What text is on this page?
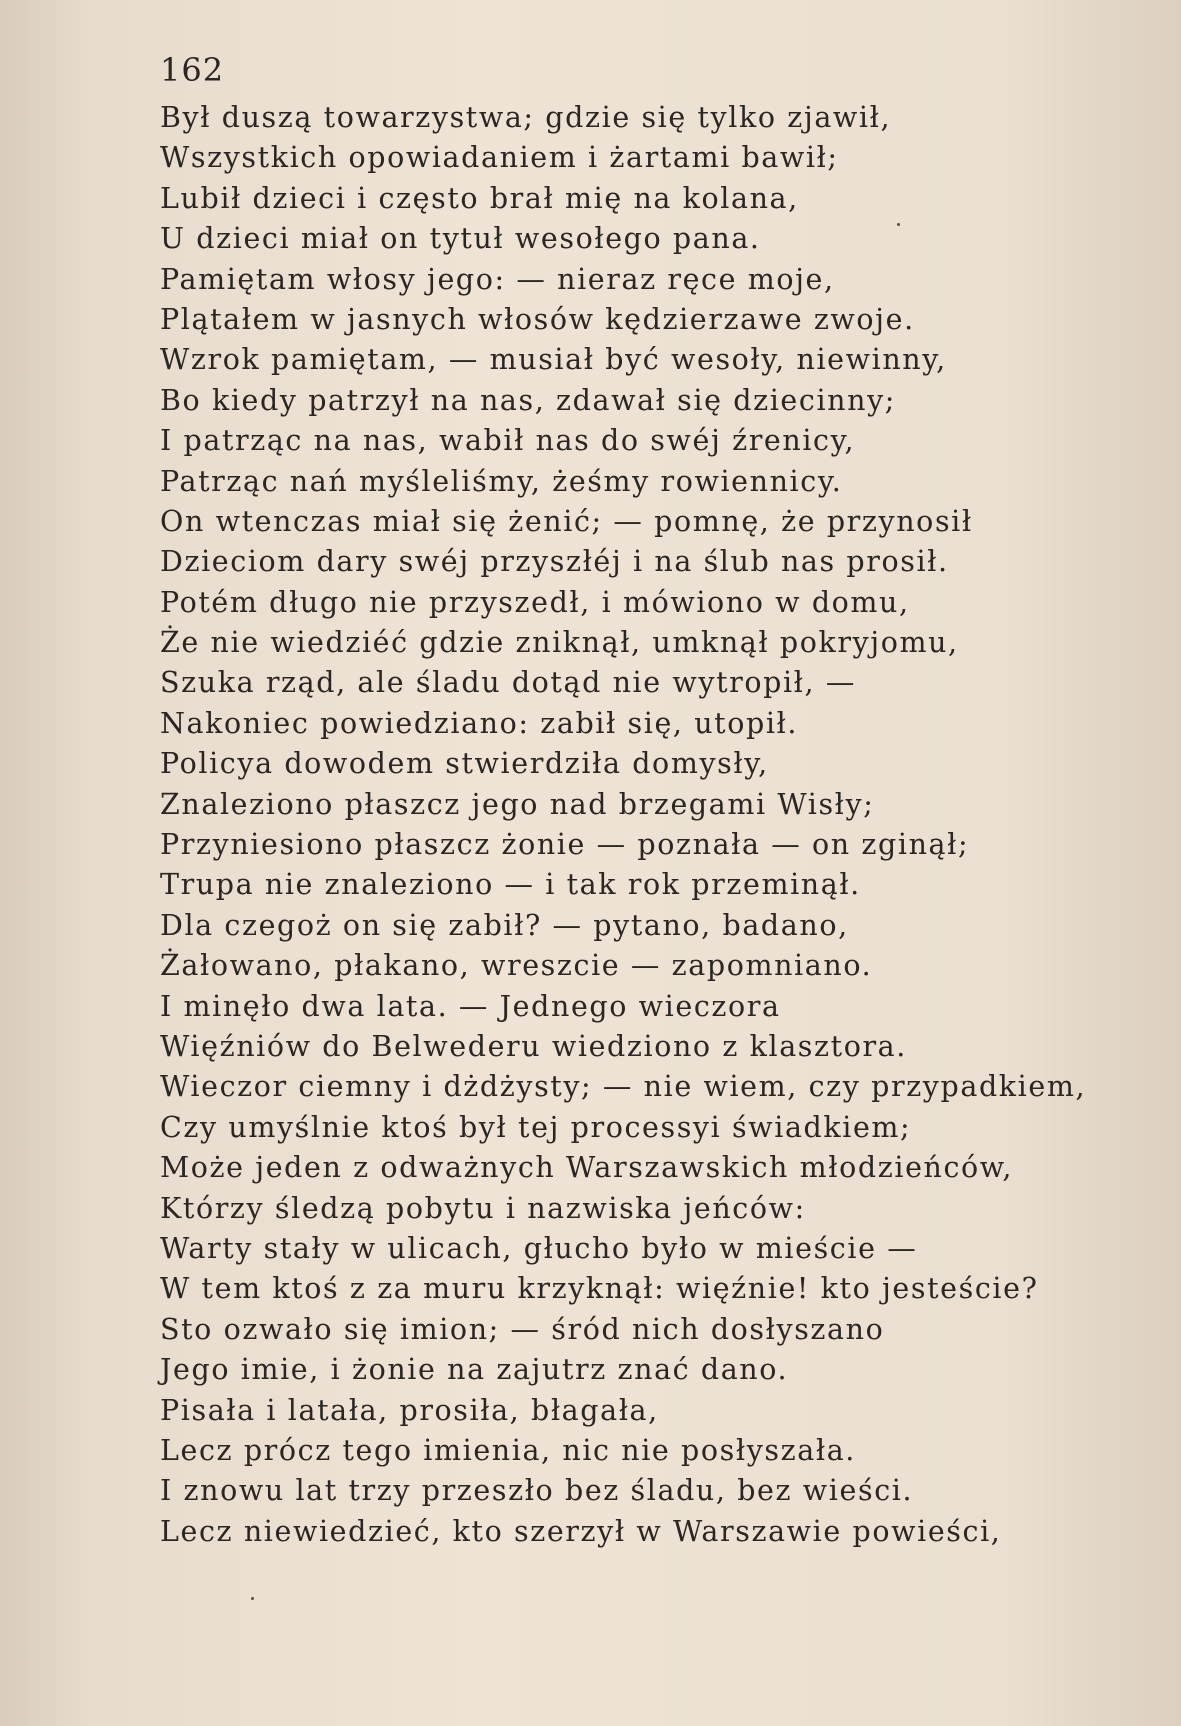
162
Był duszą towarzystwa; gdzie się tylko zjawił,
Wszystkich opowiadaniem i żartami bawił;
Lubił dzieci i często brał mię na kolana,
U dzieci miał on tytuł wesołego pana.
Pamiętam włosy jego: — nieraz ręce moje,
Plątałem w jasnych włosów kędzierzawe zwoje.
Wzrok pamiętam, — musiał być wesoły, niewinny,
Bo kiedy patrzył na nas, zdawał się dziecinny;
I patrząc na nas, wabił nas do swéj źrenicy,
Patrząc nań myśleliśmy, żeśmy rowiennicy.
On wtenczas miał się żenić; — pomnę, że przynosił
Dzieciom dary swéj przyszłéj i na ślub nas prosił.
Potém długo nie przyszedł, i mówiono w domu,
Że nie wiedziéć gdzie zniknął, umknął pokryjomu,
Szuka rząd, ale śladu dotąd nie wytropił, —
Nakoniec powiedziano: zabił się, utopił.
Policya dowodem stwierdziła domysły,
Znaleziono płaszcz jego nad brzegami Wisły;
Przyniesiono płaszcz żonie — poznała — on zginął;
Trupa nie znaleziono — i tak rok przeminął.
Dla czegoż on się zabił? — pytano, badano,
Żałowano, płakano, wreszcie — zapomniano.
I minęło dwa lata. — Jednego wieczora
Więźniów do Belwederu wiedziono z klasztora.
Wieczor ciemny i dżdżysty; — nie wiem, czy przypadkiem,
Czy umyślnie ktoś był tej processyi świadkiem;
Może jeden z odważnych Warszawskich młodzieńców,
Którzy śledzą pobytu i nazwiska jeńców:
Warty stały w ulicach, głucho było w mieście —
W tem ktoś z za muru krzyknął: więźnie! kto jesteście?
Sto ozwało się imion; — śród nich dosłyszano
Jego imie, i żonie na zajutrz znać dano.
Pisała i latała, prosiła, błagała,
Lecz prócz tego imienia, nic nie posłyszała.
I znowu lat trzy przeszło bez śladu, bez wieści.
Lecz niewiedzieć, kto szerzył w Warszawie powieści,
